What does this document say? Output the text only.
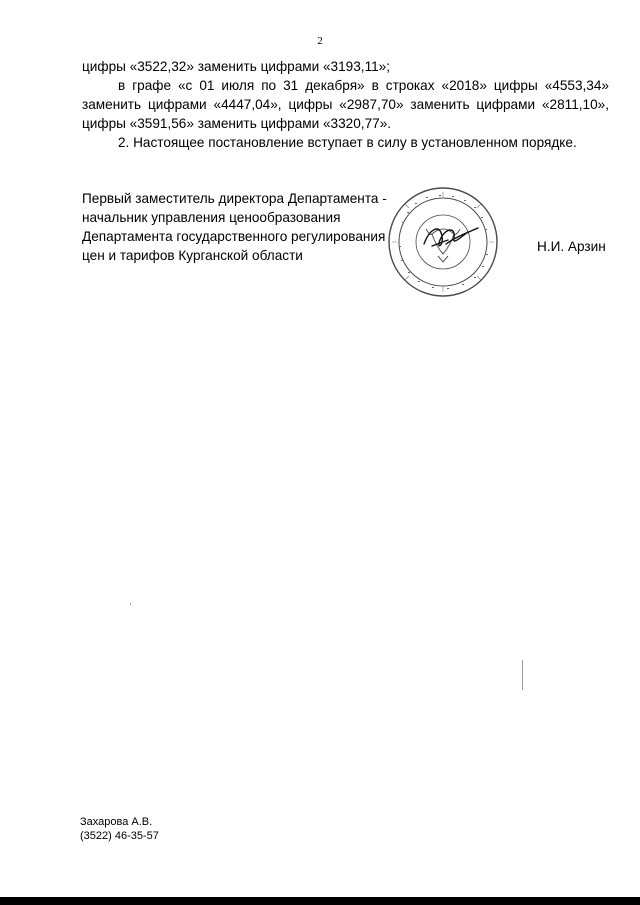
2
цифры «3522,32» заменить цифрами «3193,11»;
в графе «с 01 июля по 31 декабря» в строках «2018» цифры «4553,34»
заменить цифрами «4447,04», цифры «2987,70» заменить цифрами «2811,10»,
цифры «3591,56» заменить цифрами «3320,77».
2. Настоящее постановление вступает в силу в установленном порядке.
Первый заместитель директора Департамента -
начальник управления ценообразования
Департамента государственного регулирования
цен и тарифов Курганской области
Н.И. Арзин
Захарова А.В.
(3522) 46-35-57
